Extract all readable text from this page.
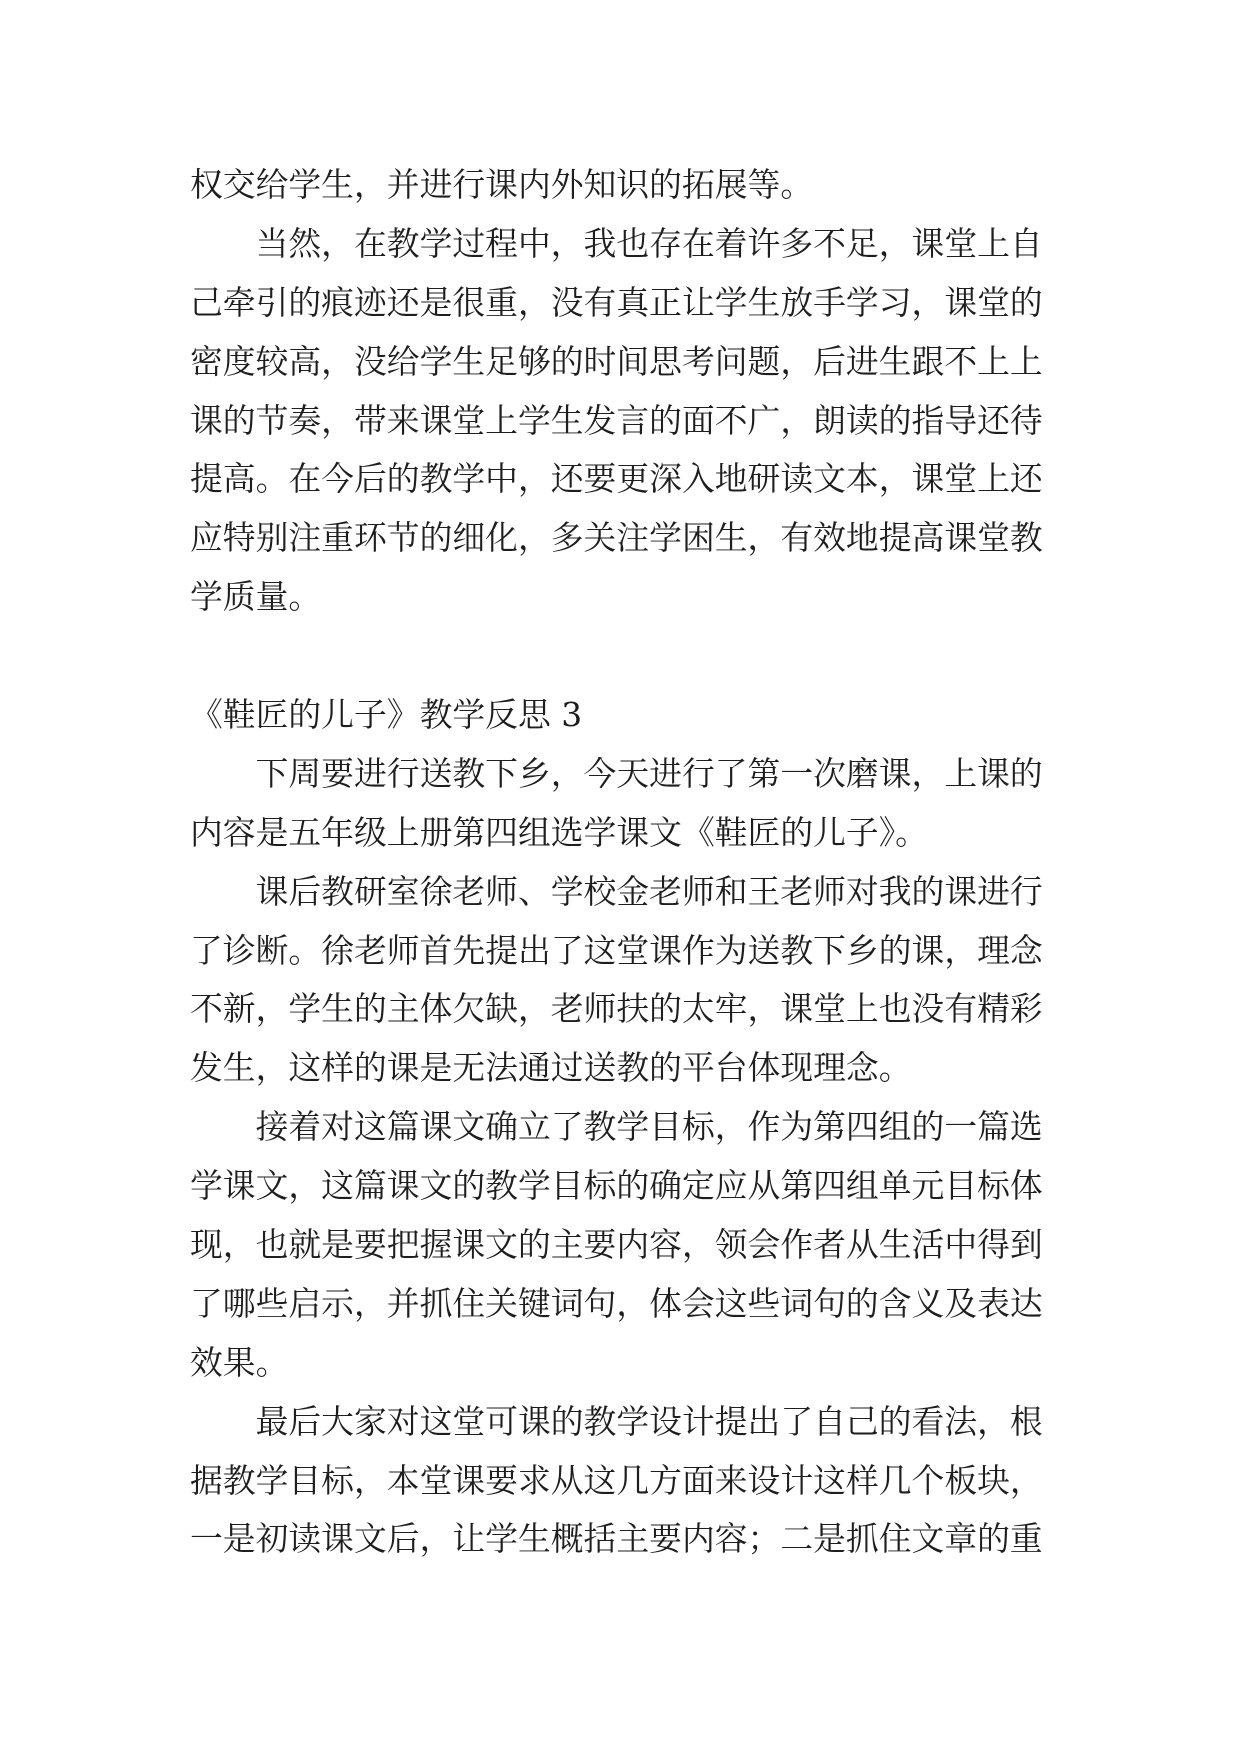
权交给学生，并进行课内外知识的拓展等。
当然，在教学过程中，我也存在着许多不足，课堂上自
己牵引的痕迹还是很重，没有真正让学生放手学习，课堂的
密度较高，没给学生足够的时间思考问题，后进生跟不上上
课的节奏，带来课堂上学生发言的面不广，朗读的指导还待
提高。在今后的教学中，还要更深入地研读文本，课堂上还
应特别注重环节的细化，多关注学困生，有效地提高课堂教
学质量。
《鞋匠的儿子》教学反思 3
下周要进行送教下乡，今天进行了第一次磨课，上课的
内容是五年级上册第四组选学课文《鞋匠的儿子》。
课后教研室徐老师、学校金老师和王老师对我的课进行
了诊断。徐老师首先提出了这堂课作为送教下乡的课，理念
不新，学生的主体欠缺，老师扶的太牢，课堂上也没有精彩
发生，这样的课是无法通过送教的平台体现理念。
接着对这篇课文确立了教学目标，作为第四组的一篇选
学课文，这篇课文的教学目标的确定应从第四组单元目标体
现，也就是要把握课文的主要内容，领会作者从生活中得到
了哪些启示，并抓住关键词句，体会这些词句的含义及表达
效果。
最后大家对这堂可课的教学设计提出了自己的看法，根
据教学目标，本堂课要求从这几方面来设计这样几个板块，
一是初读课文后，让学生概括主要内容；二是抓住文章的重
